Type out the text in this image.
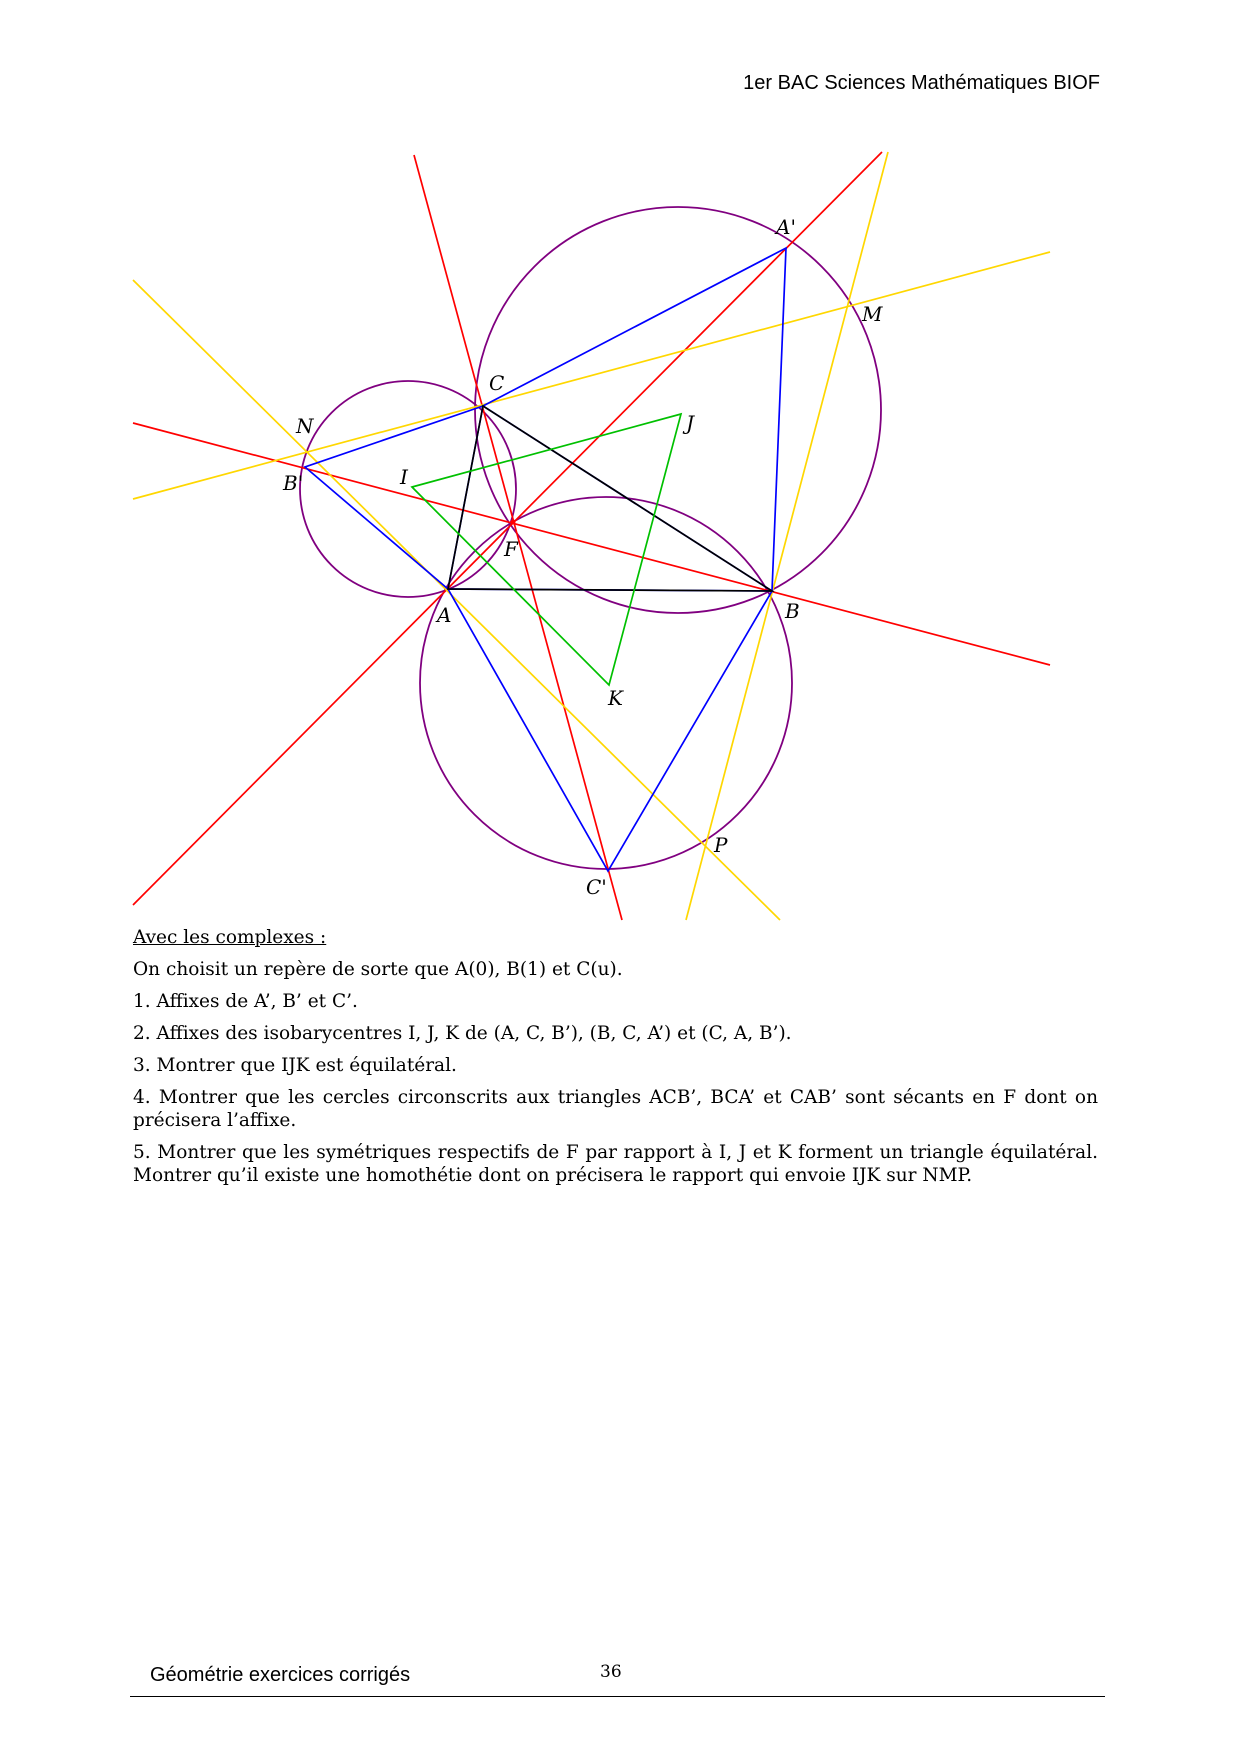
1er BAC Sciences Mathématiques BIOF
A	B
C
A'
B'
C'
F
I
J
K
M
N
P

Avec les complexes :

On choisit un repère de sorte que A(0), B(1) et C(u).

1. Affixes de A’, B’ et C’.

2. Affixes des isobarycentres I, J, K de (A, C, B’), (B, C, A’) et (C, A, B’).

3. Montrer que IJK est équilatéral.

4. Montrer que les cercles circonscrits aux triangles ACB’, BCA’ et CAB’ sont sécants en F dont on précisera l’affixe.

5. Montrer que les symétriques respectifs de F par rapport à I, J et K forment un triangle équilatéral. Montrer qu’il existe une homothétie dont on précisera le rapport qui envoie IJK sur NMP.

Géométrie exercices corrigés	36
